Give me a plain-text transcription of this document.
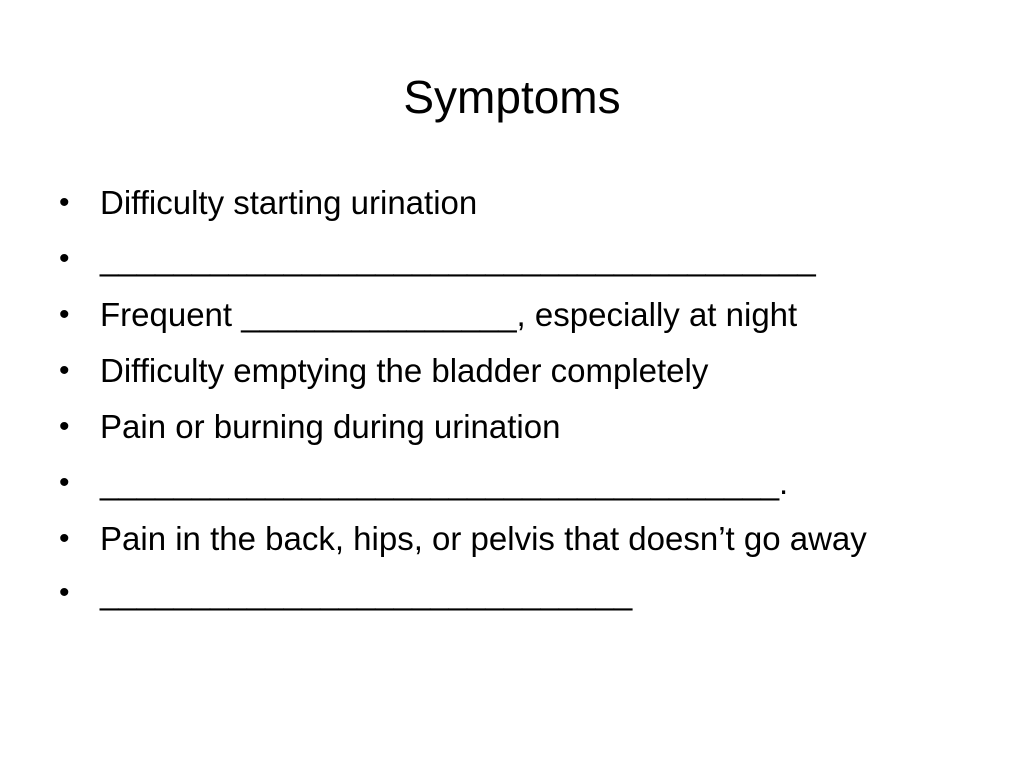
Symptoms
• Difficulty starting urination
• _______________________________________
• Frequent _______________, especially at night
• Difficulty emptying the bladder completely
• Pain or burning during urination
• _____________________________________.
• Pain in the back, hips, or pelvis that doesn’t go away
• _____________________________
